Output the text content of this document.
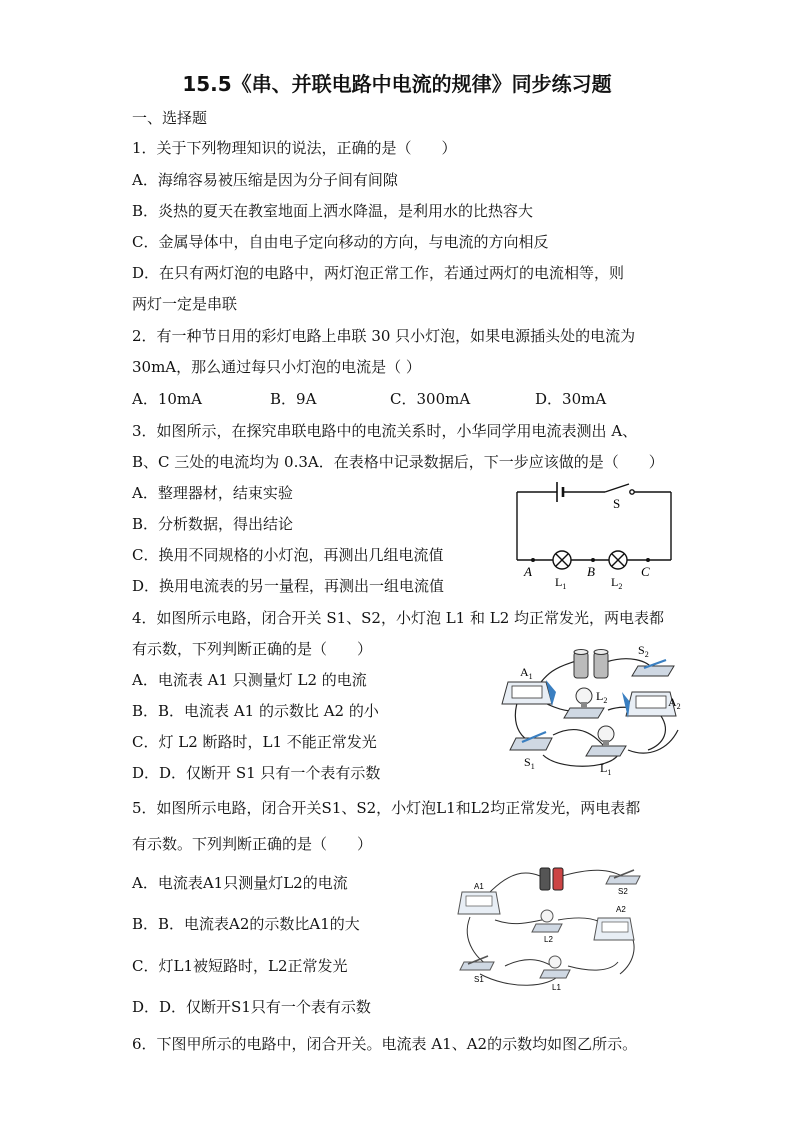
15.5《串、并联电路中电流的规律》同步练习题
一、选择题
1．关于下列物理知识的说法，正确的是（　　）
A．海绵容易被压缩是因为分子间有间隙
B．炎热的夏天在教室地面上洒水降温，是利用水的比热容大
C．金属导体中，自由电子定向移动的方向，与电流的方向相反
D．在只有两灯泡的电路中，两灯泡正常工作，若通过两灯的电流相等，则
两灯一定是串联
2．有一种节日用的彩灯电路上串联 30 只小灯泡，如果电源插头处的电流为
30mA，那么通过每只小灯泡的电流是（ ）
A．10mA	B．9A	C．300mA	D．30mA
3．如图所示，在探究串联电路中的电流关系时，小华同学用电流表测出 A、
B、C 三处的电流均为 0.3A．在表格中记录数据后，下一步应该做的是（　　）
A．整理器材，结束实验
B．分析数据，得出结论
C．换用不同规格的小灯泡，再测出几组电流值
D．换用电流表的另一量程，再测出一组电流值
S
A	B	C
$L_1$	$L_2$
4．如图所示电路，闭合开关 S1、S2，小灯泡 L1 和 L2 均正常发光，两电表都
有示数，下列判断正确的是（　　）
A．电流表 A1 只测量灯 L2 的电流
B．B．电流表 A1 的示数比 A2 的小
C．灯 L2 断路时，L1 不能正常发光
D．D．仅断开 S1 只有一个表有示数
$A_1$
$S_2$
$L_2$	$A_2$
$S_1$	$L_1$
5．如图所示电路，闭合开关S1、S2，小灯泡L1和L2均正常发光，两电表都
有示数。下列判断正确的是（　　）
A．电流表A1只测量灯L2的电流
B．B．电流表A2的示数比A1的大
C．灯L1被短路时，L2正常发光
D．D．仅断开S1只有一个表有示数
A1
S2
L2
A2
S1
L1
6．下图甲所示的电路中，闭合开关。电流表 A1、A2的示数均如图乙所示。
